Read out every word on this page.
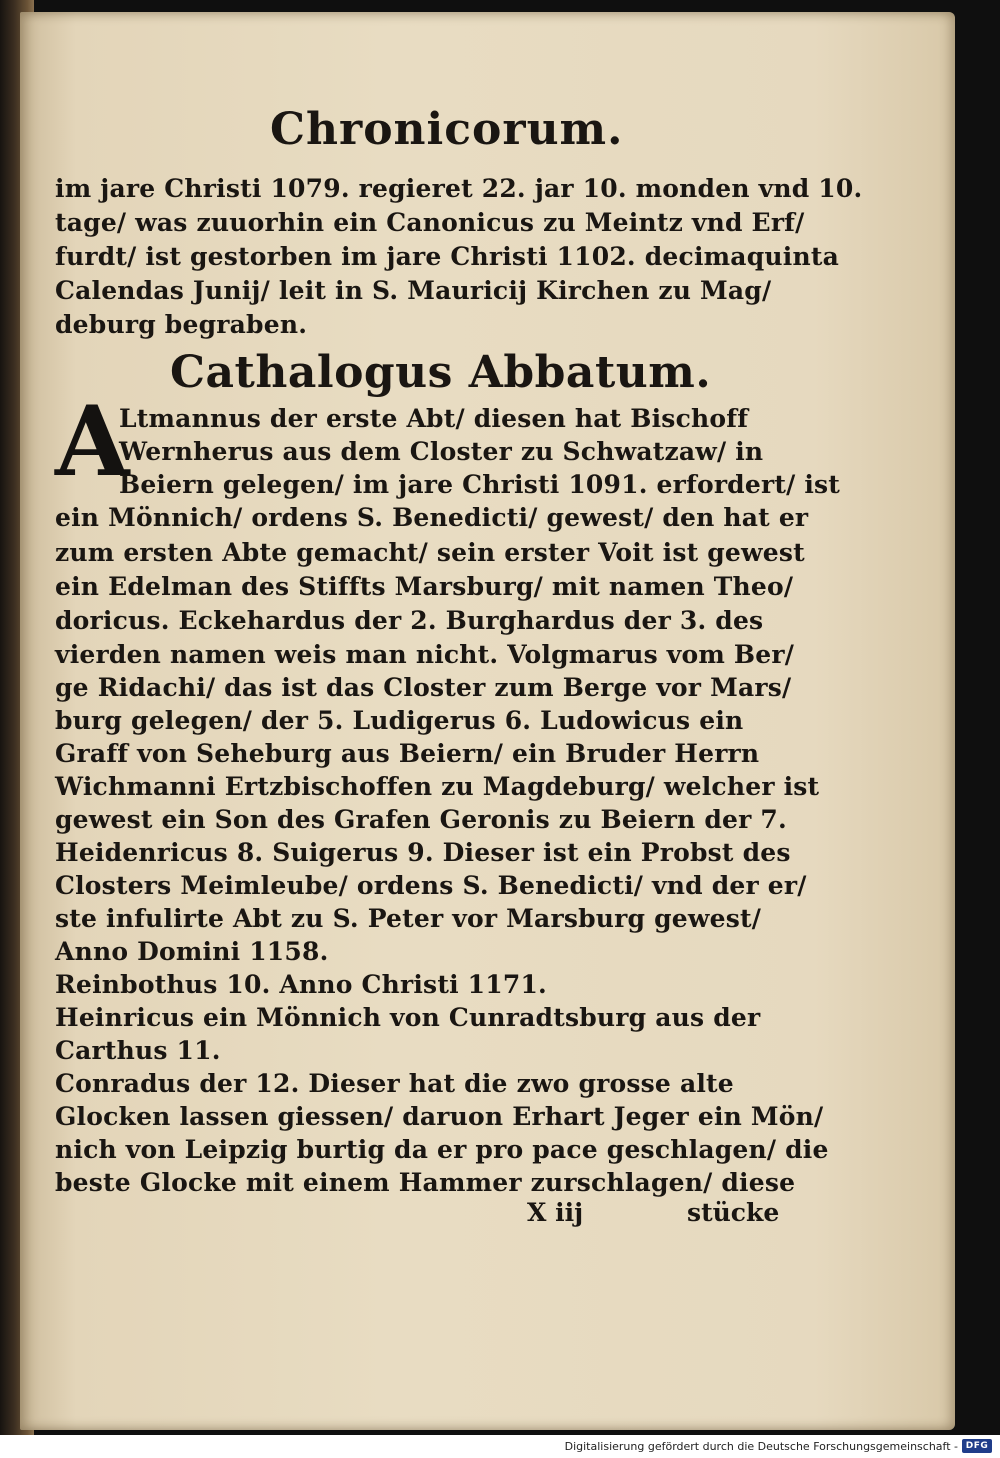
Chronicorum.
im jare Christi 1079. regieret 22. jar 10. monden vnd 10.
tage/ was zuuorhin ein Canonicus zu Meintz vnd Erf/
furdt/ ist gestorben im jare Christi 1102. decimaquinta
Calendas Junij/ leit in S. Mauricij Kirchen zu Mag/
deburg begraben.
Cathalogus Abbatum.
A
Ltmannus der erste Abt/ diesen hat Bischoff
Wernherus aus dem Closter zu Schwatzaw/ in
Beiern gelegen/ im jare Christi 1091. erfordert/ ist
ein Mönnich/ ordens S. Benedicti/ gewest/ den hat er
zum ersten Abte gemacht/ sein erster Voit ist gewest
ein Edelman des Stiffts Marsburg/ mit namen Theo/
doricus. Eckehardus der 2. Burghardus der 3. des
vierden namen weis man nicht. Volgmarus vom Ber/
ge Ridachi/ das ist das Closter zum Berge vor Mars/
burg gelegen/ der 5. Ludigerus 6. Ludowicus ein
Graff von Seheburg aus Beiern/ ein Bruder Herrn
Wichmanni Ertzbischoffen zu Magdeburg/ welcher ist
gewest ein Son des Grafen Geronis zu Beiern der 7.
Heidenricus 8. Suigerus 9. Dieser ist ein Probst des
Closters Meimleube/ ordens S. Benedicti/ vnd der er/
ste infulirte Abt zu S. Peter vor Marsburg gewest/
Anno Domini 1158.
Reinbothus 10. Anno Christi 1171.
Heinricus ein Mönnich von Cunradtsburg aus der
Carthus 11.
Conradus der 12. Dieser hat die zwo grosse alte
Glocken lassen giessen/ daruon Erhart Jeger ein Mön/
nich von Leipzig burtig da er pro pace geschlagen/ die
beste Glocke mit einem Hammer zurschlagen/ diese
X iij	stücke
Digitalisierung gefördert durch die Deutsche Forschungsgemeinschaft - DFG
